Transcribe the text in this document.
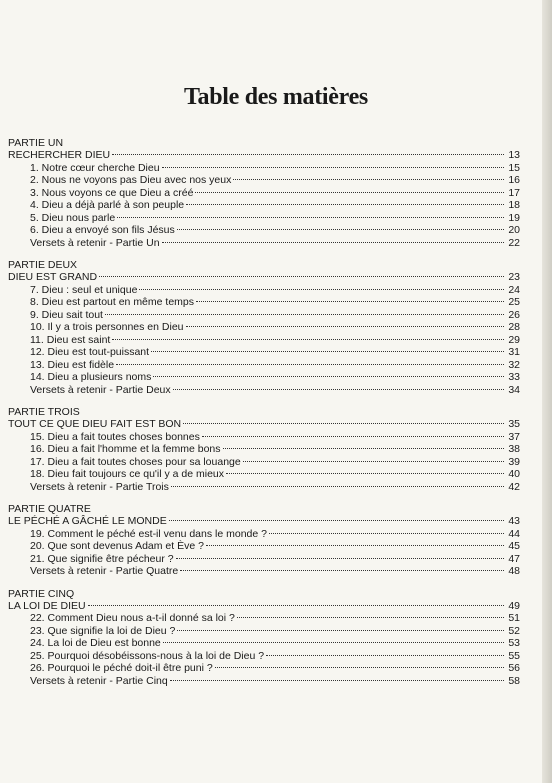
Table des matières
PARTIE UN
RECHERCHER DIEU	13
1. Notre cœur cherche Dieu	15
2. Nous ne voyons pas Dieu avec nos yeux	16
3. Nous voyons ce que Dieu a créé	17
4. Dieu a déjà parlé à son peuple	18
5. Dieu nous parle	19
6. Dieu a envoyé son fils Jésus	20
Versets à retenir - Partie Un	22
PARTIE DEUX
DIEU EST GRAND	23
7. Dieu : seul et unique	24
8. Dieu est partout en même temps	25
9. Dieu sait tout	26
10. Il y a trois personnes en Dieu	28
11. Dieu est saint	29
12. Dieu est tout-puissant	31
13. Dieu est fidèle	32
14. Dieu a plusieurs noms	33
Versets à retenir - Partie Deux	34
PARTIE TROIS
TOUT CE QUE DIEU FAIT EST BON	35
15. Dieu a fait toutes choses bonnes	37
16. Dieu a fait l'homme et la femme bons	38
17. Dieu a fait toutes choses pour sa louange	39
18. Dieu fait toujours ce qu'il y a de mieux	40
Versets à retenir - Partie Trois	42
PARTIE QUATRE
LE PÉCHÉ A GÂCHÉ LE MONDE	43
19. Comment le péché est-il venu dans le monde ?	44
20. Que sont devenus Adam et Ève ?	45
21. Que signifie être pécheur ?	47
Versets à retenir - Partie Quatre	48
PARTIE CINQ
LA LOI DE DIEU	49
22. Comment Dieu nous a-t-il donné sa loi ?	51
23. Que signifie la loi de Dieu ?	52
24. La loi de Dieu est bonne	53
25. Pourquoi désobéissons-nous à la loi de Dieu ?	55
26. Pourquoi le péché doit-il être puni ?	56
Versets à retenir - Partie Cinq	58
